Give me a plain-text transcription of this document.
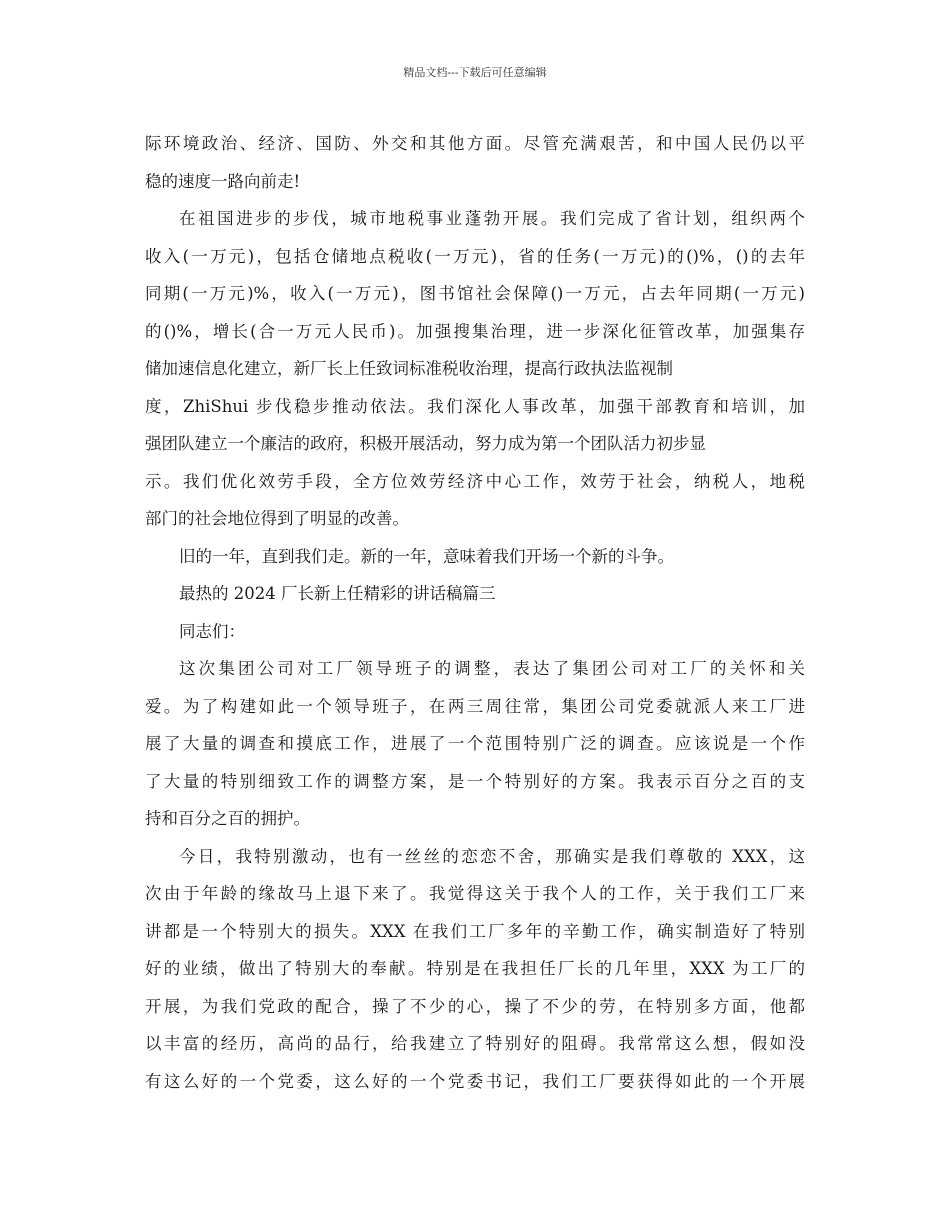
精品文档---下载后可任意编辑
际环境政治、经济、国防、外交和其他方面。尽管充满艰苦，和中国人民仍以平
稳的速度一路向前走!
在祖国进步的步伐，城市地税事业蓬勃开展。我们完成了省计划，组织两个
收入(一万元)，包括仓储地点税收(一万元)，省的任务(一万元)的()%，()的去年
同期(一万元)%，收入(一万元)，图书馆社会保障()一万元，占去年同期(一万元)
的()%，增长(合一万元人民币)。加强搜集治理，进一步深化征管改革，加强集存
储加速信息化建立，新厂长上任致词标准税收治理，提高行政执法监视制
度，ZhiShui 步伐稳步推动依法。我们深化人事改革，加强干部教育和培训，加
强团队建立一个廉洁的政府，积极开展活动，努力成为第一个团队活力初步显
示。我们优化效劳手段，全方位效劳经济中心工作，效劳于社会，纳税人，地税
部门的社会地位得到了明显的改善。
旧的一年，直到我们走。新的一年，意味着我们开场一个新的斗争。
最热的 2024 厂长新上任精彩的讲话稿篇三
同志们：
这次集团公司对工厂领导班子的调整，表达了集团公司对工厂的关怀和关
爱。为了构建如此一个领导班子，在两三周往常，集团公司党委就派人来工厂进
展了大量的调查和摸底工作，进展了一个范围特别广泛的调查。应该说是一个作
了大量的特别细致工作的调整方案，是一个特别好的方案。我表示百分之百的支
持和百分之百的拥护。
今日，我特别激动，也有一丝丝的恋恋不舍，那确实是我们尊敬的 XXX，这
次由于年龄的缘故马上退下来了。我觉得这关于我个人的工作，关于我们工厂来
讲都是一个特别大的损失。XXX 在我们工厂多年的辛勤工作，确实制造好了特别
好的业绩，做出了特别大的奉献。特别是在我担任厂长的几年里，XXX 为工厂的
开展，为我们党政的配合，操了不少的心，操了不少的劳，在特别多方面，他都
以丰富的经历，高尚的品行，给我建立了特别好的阻碍。我常常这么想，假如没
有这么好的一个党委，这么好的一个党委书记，我们工厂要获得如此的一个开展
